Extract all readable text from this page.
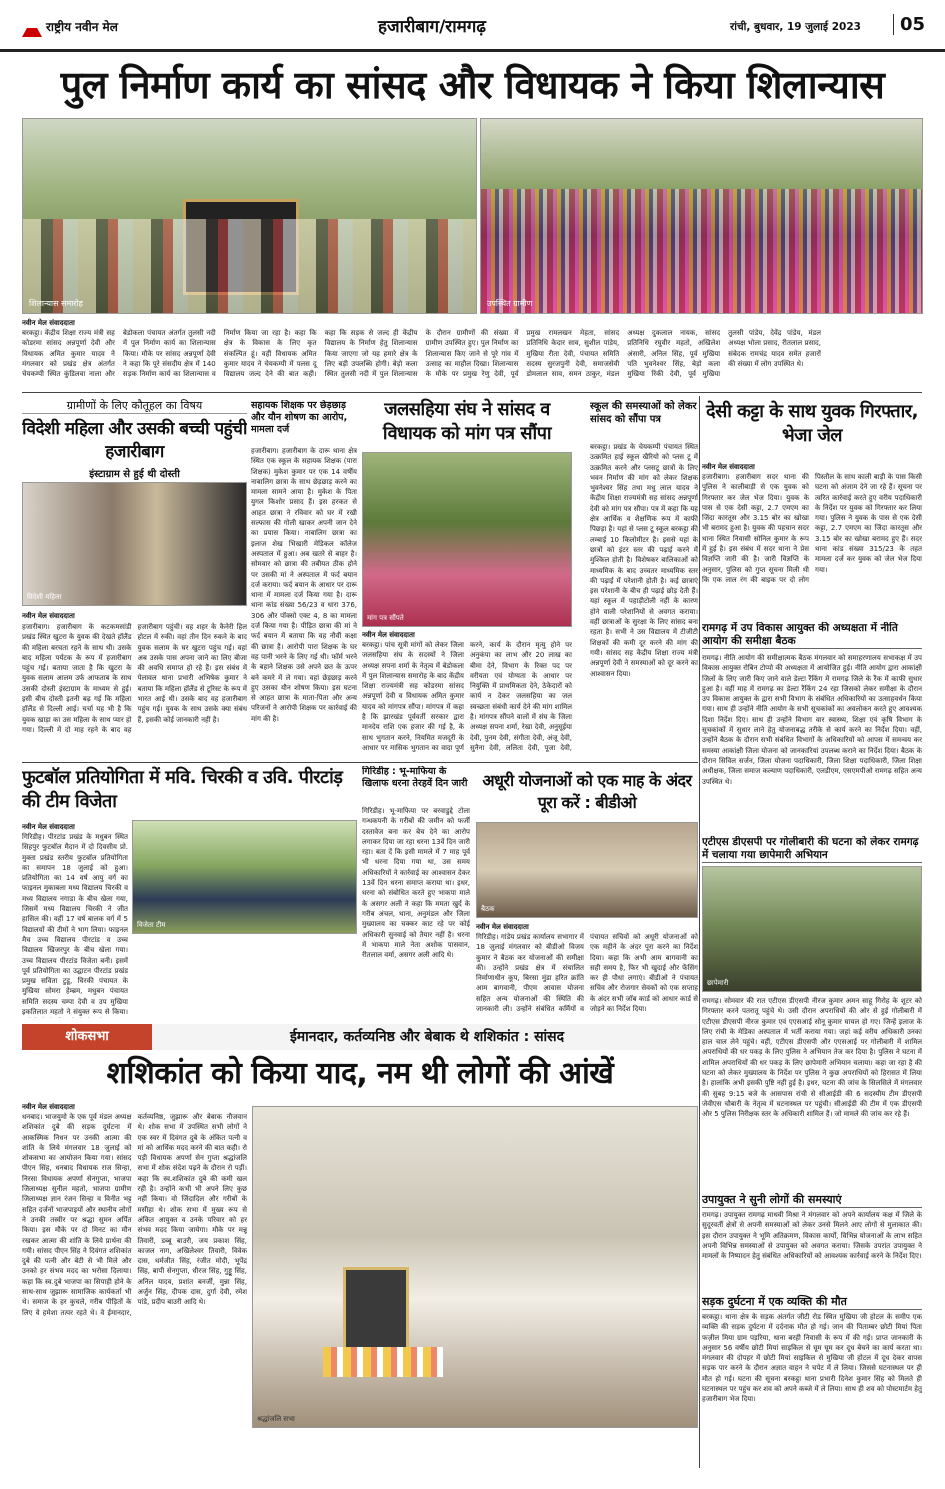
राष्ट्रीय नवीन मेल	हजारीबाग/रामगढ़	रांची, बुधवार, 19 जुलाई 2023	05
पुल निर्माण कार्य का सांसद और विधायक ने किया शिलान्यास
शिलान्यास समारोह	उपस्थित ग्रामीण
नवीन मेल संवाददाता
बरकट्ठा। केंद्रीय शिक्षा राज्य मंत्री सह कोडरमा सांसद अन्नपूर्णा देवी और विधायक अमित कुमार यादव ने मंगलवार को प्रखंड क्षेत्र अंतर्गत चेयकम्पी स्थित कुंडिलवा नाला और बेडोकला पंचायत अंतर्गत तुलसी नदी में पुल निर्माण कार्य का शिलान्यास किया। मौके पर सांसद अन्नपूर्णा देवी ने कहा कि पूरे संसदीय क्षेत्र में 140 सड़क निर्माण कार्य का शिलान्यास व निर्माण किया जा रहा है। कहा कि क्षेत्र के विकास के लिए कृत संकल्पित हूं। वहीं विधायक अमित कुमार यादव ने चेयकम्पी में पलस दू विद्यालय जल्द देने की बात कही। कहा कि सड़क से जल्द ही केंद्रीय विद्यालय के निर्माण हेतु शिलान्यास किया जाएगा जो यह हमारे क्षेत्र के लिए बड़ी उपलब्धि होगी। बेड़ो कला स्थित तुलसी नदी में पुल शिलान्यास के दौरान ग्रामीणों की संख्या में ग्रामीण उपस्थित हुए। पुल निर्माण का शिलान्यास किए जाने से पूरे गांव में उत्साह का माहौल दिखा। शिलान्यास के मौके पर प्रमुख रेणु देवी, पूर्व प्रमुख रामलखन मेहता, सांसद प्रतिनिधि केदार साव, सुशील पांडेय, मुखिया रीता देवी, पंचायत समिति सदस्य सुरजपुनी देवी, समाजसेवी डोमलाल साव, समन ठाकुर, मंडल अध्यक्ष दुकलाल नायक, सांसद प्रतिनिधि रघुवीर महतो, अखिलेश अंसारी, अनिल सिंह, पूर्व मुखिया पति भुवनेश्वर सिंह, बेड़ो कला मुखिया रिंकी देवी, पूर्व मुखिया तुलसी पांडेय, देवेंद्र पांडेय, मंडल अध्यक्ष भोला प्रसाद, रीतलाल प्रसाद, संबेदक रामचंद्र यादव समेत हजारों की संख्या में लोग उपस्थित थे।
ग्रामीणों के लिए कौतूहल का विषय
विदेशी महिला और उसकी बच्ची पहुंची हजारीबाग
इंस्टाग्राम से हुई थी दोस्ती
विदेशी महिला
नवीन मेल संवाददाता
हजारीबाग। हजारीबाग के कटकमसांडी प्रखंड स्थित खुटरा के युवक की देखते हॉलैंड की महिला बरचता रहने के साथ थी। उसके बाद महिला पर्यटक के रूप में हजारीबाग पहुंच गई। बताया जाता है कि खुटरा के युवक सलाम आलम उर्फ आफताब के साथ उसकी दोस्ती इंस्टाग्राम के माध्यम से हुई। इसी बीच दोस्ती इतनी बढ़ गई कि महिला हॉलैंड से दिल्ली आई। चर्चा यह भी है कि युवक खाड़ा का उस महिला के साथ प्यार हो गया। दिल्ली में दो माह रहने के बाद वह हजारीबाग पहुंची। वह शहर के कैनेरी हिल होटल में रुकी। वहां तीन दिन रुकने के बाद युवक सलाम के घर खुटरा पहुंच गई। वहां अब उसके पास अपना जाने का लिए बीजा की अवधि समाप्त हो रहे हैं। इस संबंध में पेलावल थाना प्रभारी अभिषेक कुमार ने बताया कि महिला हॉलैंड से टूरिस्ट के रूप में भारत आई थी। उसके बाद वह हजारीबाग पहुंच गई। युवक के साथ उसके क्या संबंध हैं, इसकी कोई जानकारी नहीं है।
सहायक शिक्षक पर छेड़छाड़ और यौन शोषण का आरोप, मामला दर्ज
हजारीबाग। हजारीबाग के दारू थाना क्षेत्र स्थित एक स्कूल के सहायक शिक्षक (पारा शिक्षक) मुकेश कुमार पर एक 14 वर्षीय नाबालिग छात्रा के साथ छेड़छाड़ करने का मामला सामने आया है। मुकेश के पिता युगल किशोर प्रसाद हैं। इस हरकत से आहत छात्रा ने रविवार को घर में रखी सल्फास की गोली खाकर अपनी जान देने का प्रयास किया। नाबालिग छात्रा का इलाज शेख भिखारी मेडिकल कॉलेज अस्पताल में हुआ। अब खतरे से बाहर है। सोमवार को छात्रा की तबीयत ठीक होने पर उसकी मां ने अस्पताल में फर्द बयान दर्ज कराया। फर्द बयान के आधार पर दारू थाना में मामला दर्ज किया गया है। दारू थाना कांड संख्या 56/23 व धारा 376, 306 और पॉक्सो एक्ट 4, 8 का मामला दर्ज किया गया है। पीड़ित छात्रा की मां ने फर्द बयान में बताया कि वह नौवीं कक्षा की छात्रा है। आरोपी पारा शिक्षक के घर वह पानी भरने के लिए गई थी। फॉर्म भरने के बहाने शिक्षक उसे अपने छत के ऊपर बने कमरे में ले गया। वहां छेड़छाड़ करने हुए उसका यौन शोषण किया। इस घटना से आहत छात्रा के माता-पिता और अन्य परिजनों ने आरोपी शिक्षक पर कार्रवाई की मांग की है।
जलसहिया संघ ने सांसद व विधायक को मांग पत्र सौंपा
मांग पत्र सौंपते
नवीन मेल संवाददाता
बरकट्ठा। पांच सूत्री मांगों को लेकर जिला जलसहिया संघ के सदस्यों ने जिला अध्यक्ष सपना शर्मा के नेतृत्व में बेडोकला में पुल शिलान्यास समारोह के बाद केंद्रीय शिक्षा राज्यमंत्री सह कोडरमा सांसद अन्नपूर्णा देवी व विधायक अमित कुमार यादव को मांगपत्र सौंपा। मांगपत्र में कहा है कि झारखंड पूर्ववर्ती सरकार द्वारा मानदेय राशि एक हजार की गई है, के साथ भुगतान करने, नियमित मजदूरी के आधार पर मासिक भुगतान का वादा पूर्ण करने, कार्य के दौरान मृत्यु होने पर अनुकंपा का लाभ और 20 लाख का बीमा देने, विभाग के रिक्त पद पर वरीयता एवं योग्यता के आधार पर नियुक्ति में प्राथमिकता देने, ठेकेदारों को कार्य न देकर जलसहिया का जल स्वच्छता संबंधी कार्य देने की मांग शामिल है। मांगपत्र सौंपने वालों में संघ के जिला अध्यक्ष सपना शर्मा, रेखा देवी, अनुसूईया देवी, पुनम देवी, संगीता देवी, अंजू देवी, सुनैना देवी, ललिता देवी, पूजा देवी,
स्कूल की समस्याओं को लेकर सांसद को सौंपा पत्र
बरकट्ठा। प्रखंड के चेयकम्पी पंचायत स्थित उत्क्रमित हाई स्कूल खैरियो को प्लस टू में उत्क्रमित करने और प्लसटू छात्रों के लिए भवन निर्माण की मांग को लेकर शिक्षक भुवनेश्वर सिंह तथा मधु लाल यादव ने केंद्रीय शिक्षा राज्यमंत्री सह सांसद अन्नपूर्णा देवी को मांग पत्र सौंपा। पत्र में कहा कि यह क्षेत्र आर्थिक व शैक्षणिक रूप में काफी पिछड़ा है। यहां से प्लस टू स्कूल बरकट्ठा की लम्बाई 10 किलोमीटर है। इससे यहां के छात्रों को इंटर स्तर की पढ़ाई करने में मुश्किल होती है। विशेषकर बालिकाओं को माध्यमिक के बाद उच्चतर माध्यमिक स्तर की पढ़ाई में परेशानी होती है। कई छात्राएं इस परेशानी के बीच ही पढ़ाई छोड़ देती हैं। यहां स्कूल में पहाड़ीटोली नहीं के कारण होने वाली परेशानियों से अवगत कराया। वहीं छात्राओं के सुरक्षा के लिए सांसद बना रहता है। सभी ने उस विद्यालय में टीजीटी शिक्षकों की कमी दूर करने की मांग की गयी। सांसद सह केंद्रीय शिक्षा राज्य मंत्री अन्नपूर्णा देवी ने समस्याओं को दूर करने का आश्वासन दिया।
देसी कट्टा के साथ युवक गिरफ्तार, भेजा जेल
नवीन मेल संवाददाता
हजारीबाग। हजारीबाग सदर थाना की पुलिस ने कालीबाड़ी से एक युवक को गिरफ्तार कर जेल भेज दिया। युवक के पास से एक देसी कट्टा, 2.7 एमएम का जिंदा कारतूस और 3.15 बोर का खोखा भी बरामद हुआ है। युवक की पहचान सदर थाना स्थित निवासी सोनिल कुमार के रूप में हुई है। इस संबंध में सदर थाना ने प्रेस विज्ञप्ति जारी की है। जारी विज्ञप्ति के अनुसार, पुलिस को गुप्त सूचना मिली थी कि एक लाल रंग की बाइक पर दो लोग पिस्तौल के साथ काली बाड़ी के पास किसी घटना को अंजाम देने जा रहे हैं। सूचना पर त्वरित कार्रवाई करते हुए वरीय पदाधिकारी के निर्देश पर युवक को गिरफ्तार कर लिया गया। पुलिस ने युवक के पास से एक देसी कट्टा, 2.7 एमएम का जिंदा कारतूस और 3.15 बोर का खोखा बरामद हुए हैं। सदर थाना कांड संख्या 315/23 के तहत मामला दर्ज कर युवक को जेल भेज दिया गया।
रामगढ़ में उप विकास आयुक्त की अध्यक्षता में नीति आयोग की समीक्षा बैठक
रामगढ़। नीति आयोग की समीक्षात्मक बैठक मंगलवार को समाहरणालय सभाकक्ष में उप विकास आयुक्त रोबिन टोप्पो की अध्यक्षता में आयोजित हुई। नीति आयोग द्वारा आकांक्षी जिलों के लिए जारी किए जाने वाले डेल्टा रैंकिंग में रामगढ़ जिले के रैंक में काफी सुधार हुआ है। वहीं माह में रामगढ़ का डेल्टा रैंकिंग 24 रहा जिसको लेकर समीक्षा के दौरान उप विकास आयुक्त के द्वारा सभी विभाग के संबंधित अधिकारियों का उत्साहवर्धन किया गया। साथ ही उन्होंने नीति आयोग के सभी सूचकांकों का अवलोकन करते हुए आवश्यक दिशा निर्देश दिए। साथ ही उन्होंने विभाग वार स्वास्थ्य, शिक्षा एवं कृषि विभाग के सूचकांकों में सुधार लाने हेतु योजनाबद्ध तरीके से कार्य करने का निर्देश दिया। वहीं, उन्होंने बैठक के दौरान सभी संबंधित विभागों के अधिकारियों को आपस में समन्वय कर समस्या आकांक्षी जिला योजना को जानकारियां उपलब्ध कराने का निर्देश दिया। बैठक के दौरान सिविल सर्जन, जिला योजना पदाधिकारी, जिला शिक्षा पदाधिकारी, जिला शिक्षा अधीक्षक, जिला समाज कल्याण पदाधिकारी, एलडीएम, एसएमपीओ रामगढ़ सहित अन्य उपस्थित थे।
एटीएस डीएसपी पर गोलीबारी की घटना को लेकर रामगढ़ में चलाया गया छापेमारी अभियान
छापेमारी
रामगढ़। सोमवार की रात एटीएस डीएसपी नीरज कुमार अमन साहू गिरोह के शूटर को गिरफ्तार करने पतरातू पहुंचे थे। उसी दौरान अपराधियों की ओर से हुई गोलीबारी में एटीएस डीएसपी नीरज कुमार एवं एएसआई सोनू कुमार घायल हो गए। जिन्हें इलाज के लिए रांची के मेडिका अस्पताल में भर्ती कराया गया। जहां कई वरीय अधिकारी उनका हाल चाल लेने पहुंचे। वहीं, एटीएस डीएसपी और एएसआई पर गोलीबारी में शामिल अपराधियों की धर पकड़ के लिए पुलिस ने अभियान तेज कर दिया है। पुलिस ने घटना में शामिल अपराधियों की धर पकड़ के लिए छापेमारी अभियान चलाया। कहा जा रहा है की घटना को लेकर मुख्यालय के निर्देश पर पुलिस ने कुछ अपराधियों को हिरासत में लिया है। हालांकि अभी इसकी पुष्टि नहीं हुई है। इधर, घटना की जांच के सिलसिले में मंगलवार की सुबह 9:15 बजे के आसपास रांची से सीआईडी की 6 सदस्यीय टीम डीएसपी जेवीएस चौबारी के नेतृत्व में घटनास्थल पर पहुंची। सीआईडी की टीम में एक डीएसपी और 5 पुलिस निरीक्षक स्तर के अधिकारी शामिल हैं। जो मामले की जांच कर रहे हैं।
उपायुक्त ने सुनी लोगों की समस्याएं
रामगढ़। उपायुक्त रामगढ़ माधवी मिश्रा ने मंगलवार को अपने कार्यालय कक्ष में जिले के सुदूरवर्ती क्षेत्रों से अपनी समस्याओं को लेकर उनसे मिलने आए लोगों से मुलाकात की। इस दौरान उपायुक्त ने भूमि अतिक्रमण, विकास कार्यों, विभिन्न योजनाओं के लाभ सहित अपनी विभिन्न समस्याओं से उपायुक्त को अवगत कराया। जिसके उपरांत उपायुक्त ने मामलों के निष्पादन हेतु संबंधित अधिकारियों को आवश्यक कार्रवाई करने के निर्देश दिए।
सड़क दुर्घटना में एक व्यक्ति की मौत
बरकट्ठा। थाना क्षेत्र के सड़क अंतर्गत जीटी रोड स्थित मुखिया जी होटल के समीप एक व्यक्ति की सड़क दुर्घटना में दर्दनाक मौत हो गई। जान की पिताम्बर छोटी मियां पिता फज़ील मिया ग्राम पड़रिया, थाना बरही निवासी के रूप में की गई। प्राप्त जानकारी के अनुसार 56 वर्षीय छोटी मियां साइकिल से घूम घूम कर दूध बेचने का कार्य करता था। मंगलवार की दोपहर में छोटी मियां साइकिल से मुखिया जी होटल में दूध देकर वापस सड़क पार करने के दौरान अज्ञात वाहन ने चपेट में ले लिया। जिससे घटनास्थल पर ही मौत हो गई। घटना की सूचना बरकट्ठा थाना प्रभारी दिनेश कुमार सिंह को मिलते ही घटनास्थल पर पहुंच कर शव को अपने कब्जे में ले लिया। साथ ही शव को पोस्टमार्टम हेतु हजारीबाग भेज दिया।
फुटबॉल प्रतियोगिता में मवि. चिरकी व उवि. पीरटांड़ की टीम विजेता
नवीन मेल संवाददाता
गिरिडीह। पीरटांड प्रखंड के मधुबन स्थित सिहपुर फुटबॉल मैदान में दो दिवसीय प्रो. मुक्ता प्रखंड स्तरीय फुटबॉल प्रतियोगिता का समापन 18 जुलाई को हुआ। प्रतियोगिता का 14 वर्ष आयु वर्ग का फाइनल मुकाबला मध्य विद्यालय चिरकी व मध्य विद्यालय नगाडा के बीच खेला गया, जिसमें मध्य विद्यालय चिरकी ने जीत हासिल की। वहीं 17 वर्ष बालक वर्ग में 5 विद्यालयों की टीमों ने भाग लिया। फाइनल मैच उच्च विद्यालय पीरटांड व उच्च विद्यालय खिजरपुर के बीच खेला गया। उच्च विद्यालय पीरटांड विजेता बनी। इसमें पूर्व प्रतियोगिता का उद्घाटन पीरटांड प्रखंड प्रमुख सविता टुडू, चिरकी पंचायत के मुखिया सोमरा हेम्ब्रम, मधुबन पंचायत समिति सदस्य चम्पा देवी व उप मुखिया इकतिलात महतो ने संयुक्त रूप से किया।
विजेता टीम
गिरिडीह : भू-माफिया के खिलाफ धरना तेरहवें दिन जारी
गिरिडीह। भू-माफिया पर बरवाडुद्दे टोला गन्धकपनी के गरीबों की जमीन को फर्जी दस्तावेज बना कर बेच देने का आरोप लगाकर दिया जा रहा धरना 13वें दिन जारी रहा। बता दें कि इसी मामले में 7 माह पूर्व भी धरना दिया गया था, उस समय अधिकारियों ने कार्रवाई का आश्वासन देकर 13वें दिन धरना समाप्त कराया था। इधर, धरना को संबोधित करते हुए भाकपा माले के असगर अली ने कहा कि ममता खुर्द के गरीब अंचल, थाना, अनुमंडल और जिला मुख्यालय का चक्कर काट रहे पर कोई अधिकारी सुनवाई को तैयार नहीं है। धरना में भाकपा माले नेता अशोक पासवान, रीतलाल वर्मा, असगर अली आदि थे।
अधूरी योजनाओं को एक माह के अंदर पूरा करें : बीडीओ
बैठक
नवीन मेल संवाददाता
गिरिडीह। गांडेय प्रखंड कार्यालय सभागार में 18 जुलाई मंगलवार को बीडीओ विजय कुमार ने बैठक कर योजनाओं की समीक्षा की। उन्होंने प्रखंड क्षेत्र में संचालित निर्माणाधीन कूप, बिरसा मुंडा हरित क्रांति आम बागवानी, पीएम आवास योजना सहित अन्य योजनाओं की स्थिति की जानकारी ली। उन्होंने संबंधित कर्मियों व पंचायत सचिवों को अधूरी योजनाओं को एक महीने के अंदर पूरा करने का निर्देश दिया। कहा कि अभी आम बागवानी का सही समय है, फिर भी खुदाई और फेंसिंग कर ही पौधा लगाएं। बीडीओ ने पंचायत सचिव और रोजगार सेवकों को एक सप्ताह के अंदर सभी जॉब कार्ड को आधार कार्ड से जोड़ने का निर्देश दिया।
शोकसभा	ईमानदार, कर्तव्यनिष्ठ और बेबाक थे शशिकांत : सांसद
शशिकांत को किया याद, नम थी लोगों की आंखें
नवीन मेल संवाददाता
धनबाद। भाजयुमो के एक पूर्व मंडल अध्यक्ष शशिकांत दुबे की सड़क दुर्घटना में आकस्मिक निधन पर उनकी आत्मा की शांति के लिये मंगलवार 18 जुलाई को शोकसभा का आयोजन किया गया। सांसद पीएन सिंह, धनबाद विधायक राज सिन्हा, निरसा विधायक अपर्णा सेनगुप्ता, भाजपा जिलाध्यक्ष सुनील महतो, भाजपा ग्रामीण जिलाध्यक्ष ज्ञान रंजन सिन्हा व विनीत भट्ट सहित दर्जनों भाजपाइयों और स्थानीय लोगों ने उनकी तस्वीर पर श्रद्धा सुमन अर्पित किया। इस मौके पर दो मिनट का मौन रखकर आत्मा की शांति के लिये प्रार्थना की गयी। सांसद पीएन सिंह ने दिवंगत शशिकांत दुबे की पत्नी और बेटी से भी मिले और उनको हर संभव मदद का भरोसा दिलाया। कहा कि स्व.दुबे भाजपा का सिपाही होने के साथ-साथ जुझारू सामाजिक कार्यकर्ता भी थे। समाज के हर कुचले, गरीब पीड़ितों के लिए वे हमेशा तत्पर रहते थे। वे ईमानदार, कर्तव्यनिष्ठ, जुझारू और बेबाक नौजवान थे। शोक सभा में उपस्थित सभी लोगों ने एक स्वर में दिवंगत दुबे के अंकित पत्नी व मां को आर्थिक मदद करने की बात कही। रो पड़ी विधायक अपर्णा सेन गुप्ता श्रद्धांजलि सभा में शोक संदेश पढ़ने के दौरान रो पड़ीं। कहा कि स्व.शशिकांत दुबे की कमी खल रही है। उन्होंने कभी भी अपने लिए कुछ नहीं किया। वो जिंदादिल और गरीबों के मसीहा थे। शोक सभा में मुख्य रूप से अंकित आयुक्त व उनके परिवार को हर संभव मदद किया जायेगा। मौके पर मन्नू तिवारी, डब्बू बाउरी, जय प्रकाश सिंह, काजल नाग, अखिलेश्वर तिवारी, विवेक दास, धर्मजीत सिंह, रंजीत मोदी, भूपेंद्र सिंह, बापी सेनगुप्ता, धीरज सिंह, गुड्डू सिंह, अनिल यादव, प्रशांत बनर्जी, मुन्ना सिंह, अर्जुन सिंह, दीपक दास, दुर्गा देवी, रमेश पांडे, प्रदीप बाउरी आदि थे।
श्रद्धांजलि सभा
